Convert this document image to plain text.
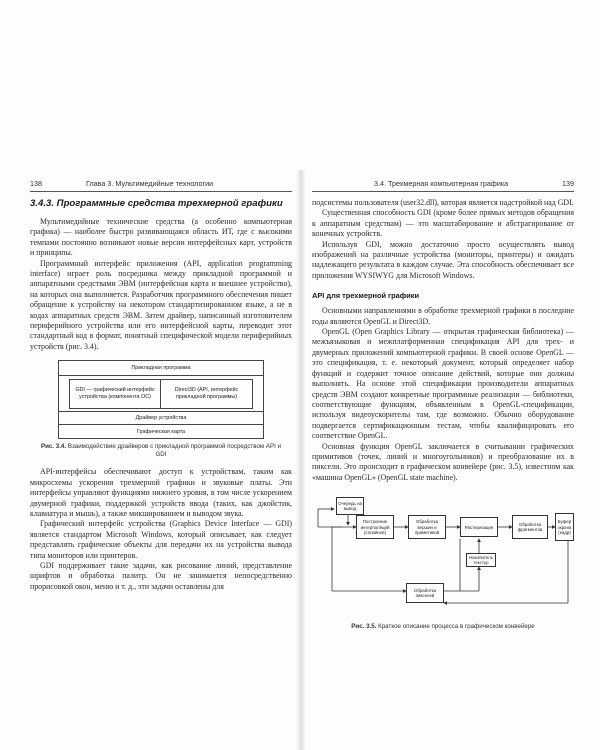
138	Глава 3. Мультимедийные технологии
3.4.3. Программные средства трехмерной графики

Мультимедийные технические средства (а особенно компьютерная графика) — наиболее быстро развивающаяся область ИТ, где с высокими темпами постоянно возникают новые версии интерфейсных карт, устройств и принципы.

Программный интерфейс приложения (API, application programming interface) играет роль посредника между прикладной программой и аппаратными средствами ЭВМ (интерфейсная карта и внешнее устройство), на которых она выполняется. Разработчик программного обеспечения пишет обращение к устройству на некотором стандартизированном языке, а не в кодах аппаратных средств ЭВМ. Затем драйвер, написанный изготовителем периферийного устройства или его интерфейсной карты, переводит этот стандартный код в формат, понятный специфической модели периферийных устройств (рис. 3.4).

Прикладная программа
GDI — графический интерфейс устройства (компонента ОС)
Direct3D (API, интерфейс прикладной программы)
Драйвер устройства
Графическая карта
Рис. 3.4. Взаимодействие драйверов с прикладной программой посредством API и GDI

API-интерфейсы обеспечивают доступ к устройствам, таким как микросхемы ускорения трехмерной графики и звуковые платы. Эти интерфейсы управляют функциями нижнего уровня, в том числе ускорением двумерной графики, поддержкой устройств ввода (таких, как джойстик, клавиатура и мышь), а также микшированием и выводом звука.

Графический интерфейс устройства (Graphics Device Interface — GDI) является стандартом Microsoft Windows, который описывает, как следует представлять графические объекты для передачи их на устройства вывода типа мониторов или принтеров.

GDI поддерживает такие задачи, как рисование линий, представление шрифтов и обработка палитр. Он не занимается непосредственно прорисовкой окон, меню и т. д., эти задачи оставлены для

3.4. Трехмерная компьютерная графика	139

подсистемы пользователя (user32.dll), которая является надстройкой над GDI.

Существенная способность GDI (кроме более прямых методов обращения к аппаратным средствам) — это масштабирование и абстрагирование от конечных устройств.

Используя GDI, можно достаточно просто осуществлять вывод изображений на различные устройства (мониторы, принтеры) и ожидать надлежащего результата в каждом случае. Эта способность обеспечивает все приложения WYSIWYG для Microsoft Windows.

API для трехмерной графики

Основными направлениями в обработке трехмерной графики в последние годы являются OpenGL и Direct3D.

OpenGL (Open Graphics Library — открытая графическая библиотека) — межъязыковая и межплатформенная спецификация API для трех- и двумерных приложений компьютерной графики. В своей основе OpenGL — это спецификация, т. е. некоторый документ, который определяет набор функций и содержит точное описание действий, которые они должны выполнять. На основе этой спецификации производители аппаратных средств ЭВМ создают конкретные программные реализации — библиотеки, соответствующие функциям, объявленным в OpenGL-спецификации, используя видеоускорителы там, где возможно. Обычно оборудование подвергается сертификационным тестам, чтобы квалифицировать его соответствие OpenGL.

Основная функция OpenGL заключается в считывании графических примитивов (точек, линий и многоугольников) и преобразование их в пиксели. Это происходит в графическом конвейере (рис. 3.5), известном как «машина OpenGL» (OpenGL state machine).

Очередь на вывод
Построение интерполяций (сплайнов)
Обработка вершин и примитивов
Растеризация
Обработка фрагментов
Буфер экрана (кадр)
Накопитель текстур
Обработка пикселей
Рис. 3.5. Краткое описание процесса в графическом конвейере
